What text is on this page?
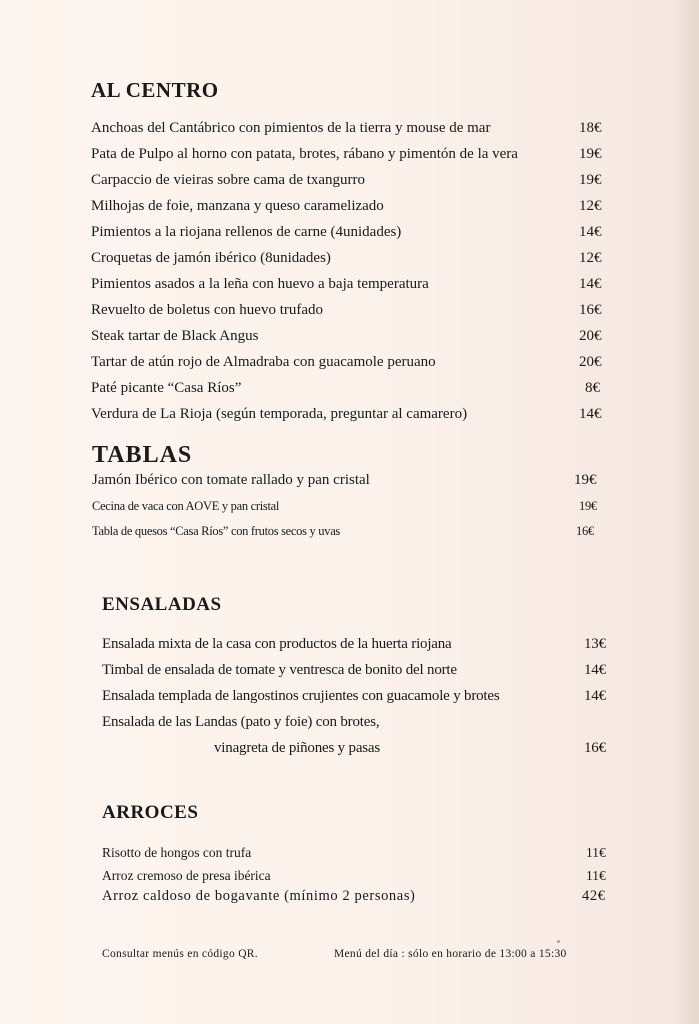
AL CENTRO
Anchoas del Cantábrico con pimientos de la tierra y mouse de mar	18€
Pata de Pulpo al horno con patata, brotes, rábano y pimentón de la vera	19€
Carpaccio de vieiras sobre cama de txangurro	19€
Milhojas de foie, manzana y queso caramelizado	12€
Pimientos a la riojana rellenos de carne (4unidades)	14€
Croquetas de jamón ibérico (8unidades)	12€
Pimientos asados a la leña con huevo a baja temperatura	14€
Revuelto de boletus con huevo trufado	16€
Steak tartar de Black Angus	20€
Tartar de atún rojo de Almadraba con guacamole peruano	20€
Paté picante “Casa Ríos”	8€
Verdura de La Rioja (según temporada, preguntar al camarero)	14€
TABLAS
Jamón Ibérico con tomate rallado y pan cristal	19€
Cecina de vaca con AOVE y pan cristal	19€
Tabla de quesos “Casa Ríos” con frutos secos y uvas	16€
ENSALADAS
Ensalada mixta de la casa con productos de la huerta riojana	13€
Timbal de ensalada de tomate y ventresca de bonito del norte	14€
Ensalada templada de langostinos crujientes con guacamole y brotes	14€
Ensalada de las Landas (pato y foie) con brotes,
vinagreta de piñones y pasas	16€
ARROCES
Risotto de hongos con trufa	11€
Arroz cremoso de presa ibérica	11€
Arroz caldoso de bogavante (mínimo 2 personas)	42€
Consultar menús en código QR.	Menú del día : sólo en horario de 13:00 a 15:30
